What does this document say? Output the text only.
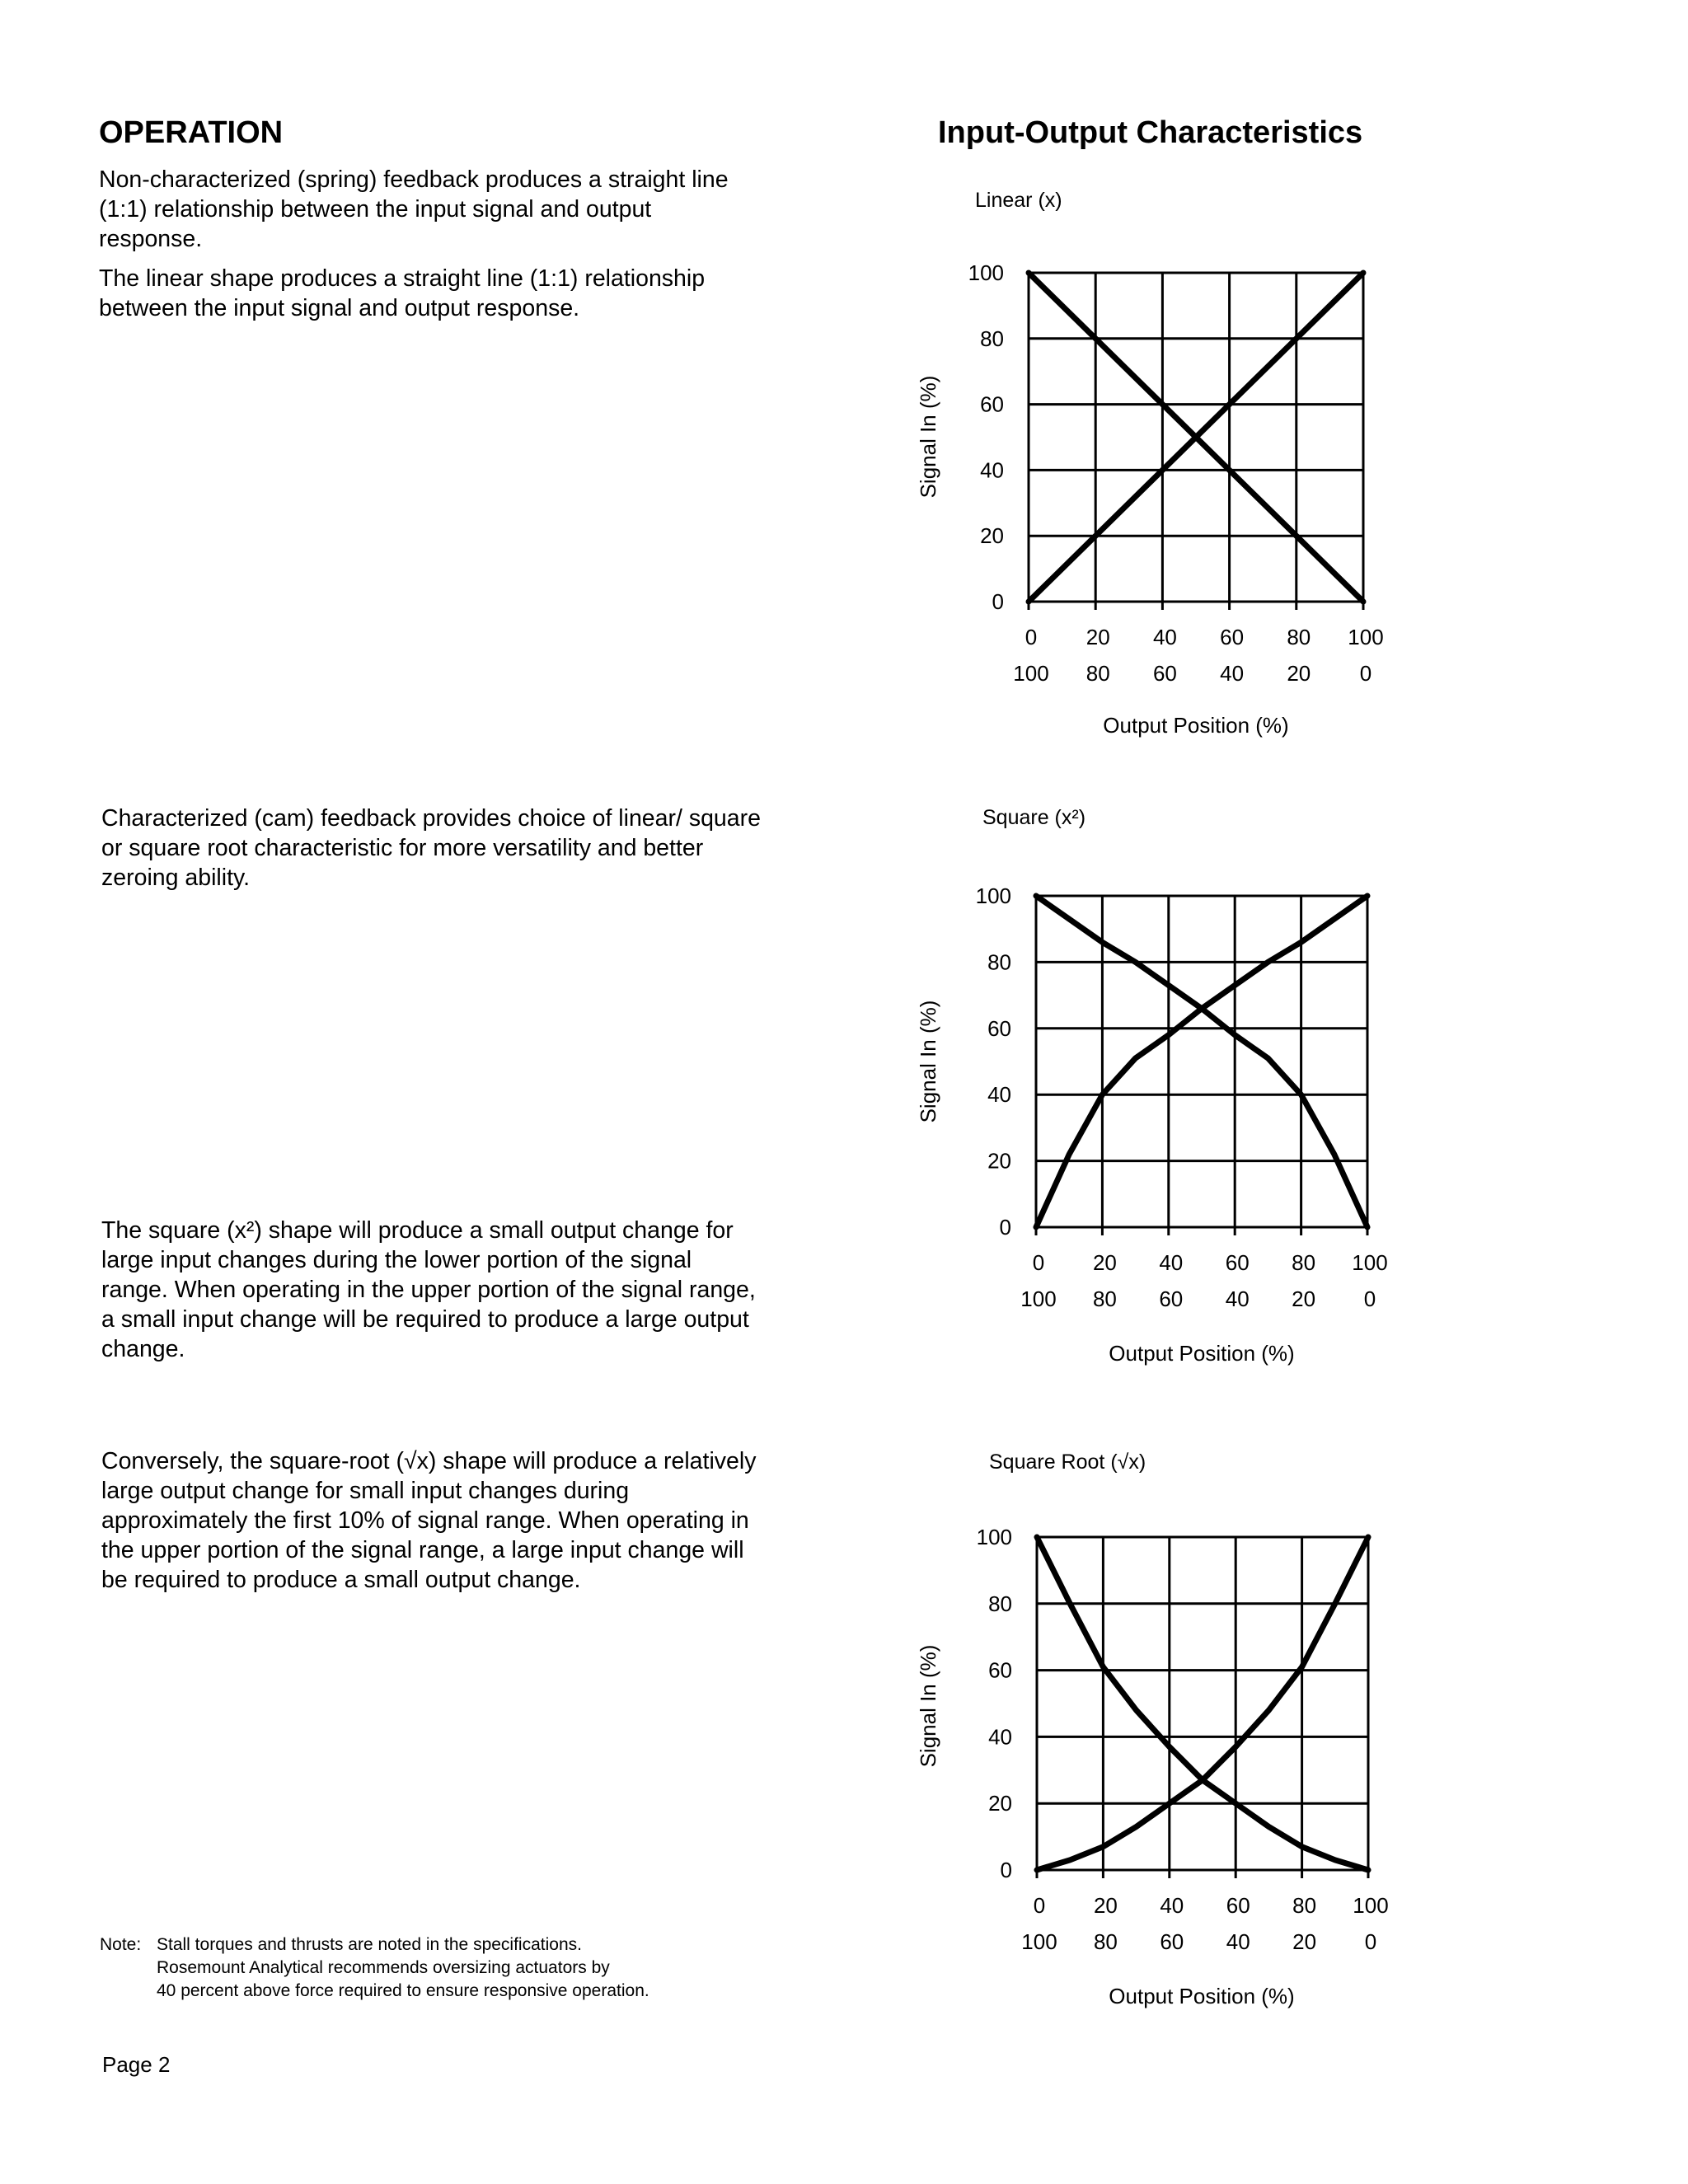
OPERATION

Non-characterized (spring) feedback produces a straight line (1:1) relationship between the input signal and output response.

The linear shape produces a straight line (1:1) relationship between the input signal and output response.

Characterized (cam) feedback provides choice of linear/ square or square root characteristic for more versatility and better zeroing ability.

The square (x²) shape will produce a small output change for large input changes during the lower portion of the signal range. When operating in the upper portion of the signal range, a small input change will be required to produce a large output change.

Conversely, the square-root (√x) shape will produce a relatively large output change for small input changes during approximately the first 10% of signal range. When operating in the upper portion of the signal range, a large input change will be required to produce a small output change.

Note: Stall torques and thrusts are noted in the specifications.
Rosemount Analytical recommends oversizing actuators by
40 percent above force required to ensure responsive operation.
Page 2
Input-Output Characteristics
Linear (x)
Signal In (%)
Output Position (%)
0
20
40
60
80
100
0 20 40 60 80 100
100 80 60 40 20 0
Square (x²)
Signal In (%)
Output Position (%)
0
20
40
60
80
100
0 20 40 60 80 100
100 80 60 40 20 0
Square Root (√x)
Signal In (%)
Output Position (%)
0
20
40
60
80
100
0 20 40 60 80 100
100 80 60 40 20 0
